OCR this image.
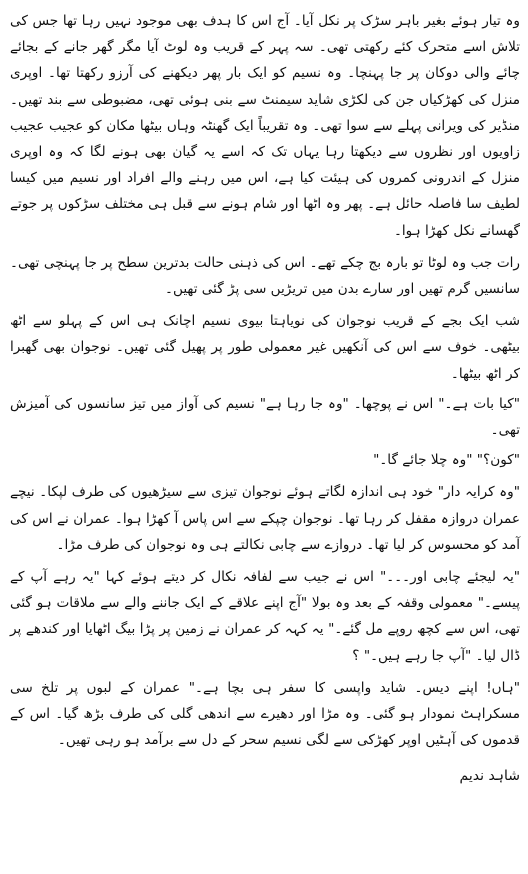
وہ تیار ہوئے بغیر باہر سڑک پر نکل آیا۔ آج اس کا ہدف بھی موجود نہیں رہا تھا جس کی تلاش اسے متحرک کئے رکھتی تھی۔ سہ پہر کے قریب وہ لوٹ آیا مگر گھر جانے کے بجائے چائے والی دوکان پر جا پہنچا۔ وہ نسیم کو ایک بار پھر دیکھنے کی آرزو رکھتا تھا۔ اوپری منزل کی کھڑکیاں جن کی لکڑی شاید سیمنٹ سے بنی ہوئی تھی، مضبوطی سے بند تھیں۔ منڈیر کی ویرانی پہلے سے سوا تھی۔ وہ تقریباً ایک گھنٹہ وہاں بیٹھا مکان کو عجیب عجیب زاویوں اور نظروں سے دیکھتا رہا یہاں تک کہ اسے یہ گیان بھی ہونے لگا کہ وہ اوپری منزل کے اندرونی کمروں کی ہیئت کیا ہے، اس میں رہنے والے افراد اور نسیم میں کیسا لطیف سا فاصلہ حائل ہے۔ پھر وہ اٹھا اور شام ہونے سے قبل ہی مختلف سڑکوں پر جوتے گھسانے نکل کھڑا ہوا۔

رات جب وہ لوٹا تو بارہ بج چکے تھے۔ اس کی ذہنی حالت بدترین سطح پر جا پہنچی تھی۔ سانسیں گرم تھیں اور سارے بدن میں تریڑیں سی پڑ گئی تھیں۔

شب ایک بجے کے قریب نوجوان کی نویاہتا بیوی نسیم اچانک ہی اس کے پہلو سے اٹھ بیٹھی۔ خوف سے اس کی آنکھیں غیر معمولی طور پر پھیل گئی تھیں۔ نوجوان بھی گھبرا کر اٹھ بیٹھا۔

"کیا بات ہے۔" اس نے پوچھا۔ "وہ جا رہا ہے" نسیم کی آواز میں تیز سانسوں کی آمیزش تھی۔

"کون؟" "وہ چلا جائے گا۔"

"وہ کرایہ دار" خود ہی اندازہ لگاتے ہوئے نوجوان تیزی سے سیڑھیوں کی طرف لپکا۔ نیچے عمران دروازہ مقفل کر رہا تھا۔ نوجوان چپکے سے اس پاس آ کھڑا ہوا۔ عمران نے اس کی آمد کو محسوس کر لیا تھا۔ دروازے سے چابی نکالتے ہی وہ نوجوان کی طرف مڑا۔

"یہ لیجئے چابی اور۔۔۔" اس نے جیب سے لفافہ نکال کر دیتے ہوئے کہا "یہ رہے آپ کے پیسے۔" معمولی وقفہ کے بعد وہ بولا "آج اپنے علاقے کے ایک جاننے والے سے ملاقات ہو گئی تھی، اس سے کچھ روپے مل گئے۔" یہ کہہ کر عمران نے زمین پر پڑا بیگ اٹھایا اور کندھے پر ڈال لیا۔ "آپ جا رہے ہیں۔" ؟

"ہاں! اپنے دیس۔ شاید واپسی کا سفر ہی بچا ہے۔" عمران کے لبوں پر تلخ سی مسکراہٹ نمودار ہو گئی۔ وہ مڑا اور دھیرے سے اندھی گلی کی طرف بڑھ گیا۔ اس کے قدموں کی آہٹیں اوپر کھڑکی سے لگی نسیم سحر کے دل سے برآمد ہو رہی تھیں۔

شاہد ندیم
